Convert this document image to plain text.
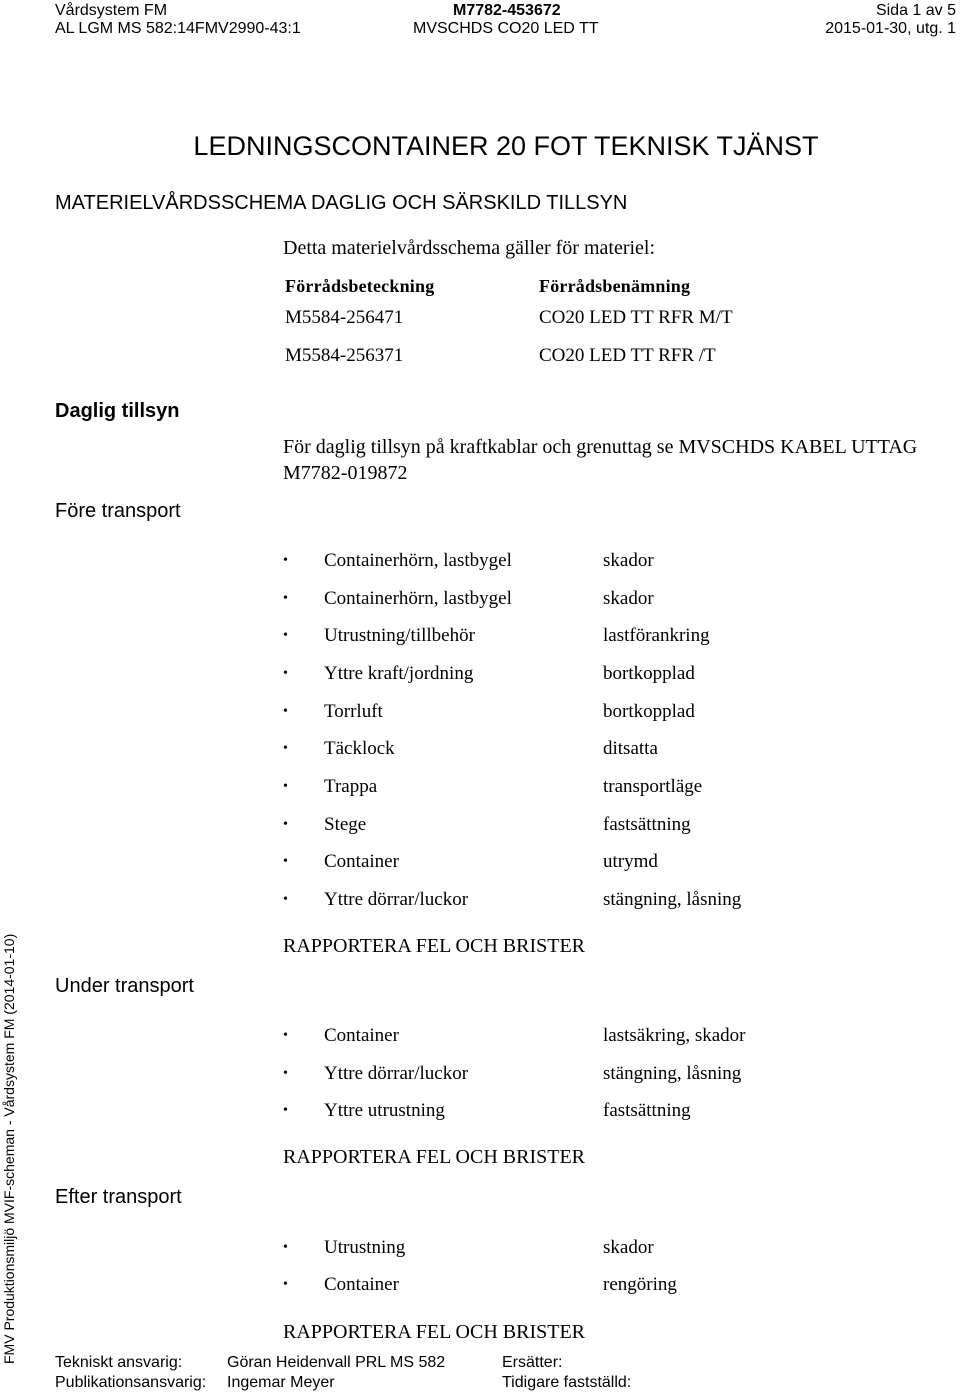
Vårdsystem FM	M7782-453672	Sida 1 av 5
AL LGM MS 582:14FMV2990-43:1	MVSCHDS CO20 LED TT	2015-01-30, utg. 1
LEDNINGSCONTAINER 20 FOT TEKNISK TJÄNST
MATERIELVÅRDSSCHEMA DAGLIG OCH SÄRSKILD TILLSYN
Detta materielvårdsschema gäller för materiel:
Förrådsbeteckning	Förrådsbenämning
M5584-256471	CO20 LED TT RFR M/T
M5584-256371	CO20 LED TT RFR /T
Daglig tillsyn
För daglig tillsyn på kraftkablar och grenuttag se MVSCHDS KABEL UTTAG
M7782-019872
Före transport
• Containerhörn, lastbygel	skador
• Containerhörn, lastbygel	skador
• Utrustning/tillbehör	lastförankring
• Yttre kraft/jordning	bortkopplad
• Torrluft	bortkopplad
• Täcklock	ditsatta
• Trappa	transportläge
• Stege	fastsättning
• Container	utrymd
• Yttre dörrar/luckor	stängning, låsning
RAPPORTERA FEL OCH BRISTER
Under transport
• Container	lastsäkring, skador
• Yttre dörrar/luckor	stängning, låsning
• Yttre utrustning	fastsättning
RAPPORTERA FEL OCH BRISTER
Efter transport
• Utrustning	skador
• Container	rengöring
RAPPORTERA FEL OCH BRISTER
FMV Produktionsmiljö MVIF-scheman - Vårdsystem FM (2014-01-10) Tekniskt ansvarig:	Göran Heidenvall PRL MS 582	Ersätter:
Publikationsansvarig: Ingemar Meyer	Tidigare fastställd:
